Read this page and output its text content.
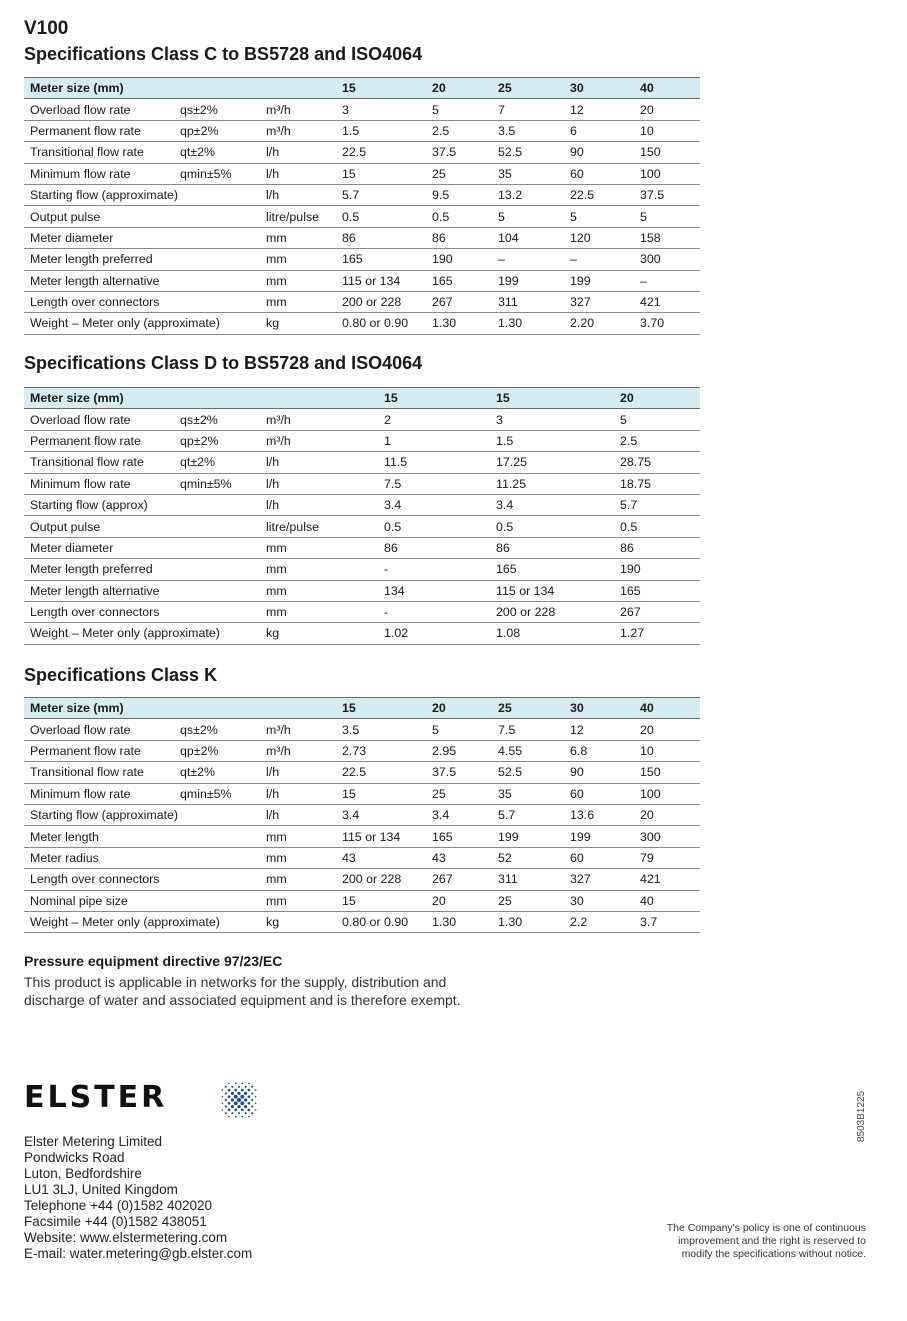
V100
Specifications Class C to BS5728 and ISO4064
Meter size (mm)			15	20	25	30	40
Overload flow rate	qs±2%	m³/h	3	5	7	12	20
Permanent flow rate	qp±2%	m³/h	1.5	2.5	3.5	6	10
Transitional flow rate	qt±2%	l/h	22.5	37.5	52.5	90	150
Minimum flow rate	qmin±5%	l/h	15	25	35	60	100
Starting flow (approximate)		l/h	5.7	9.5	13.2	22.5	37.5
Output pulse		litre/pulse	0.5	0.5	5	5	5
Meter diameter		mm	86	86	104	120	158
Meter length preferred		mm	165	190	–	–	300
Meter length alternative		mm	115 or 134	165	199	199	–
Length over connectors		mm	200 or 228	267	311	327	421
Weight – Meter only (approximate)		kg	0.80 or 0.90	1.30	1.30	2.20	3.70
Specifications Class D to BS5728 and ISO4064
Meter size (mm)			15	15	20
Overload flow rate	qs±2%	m³/h	2	3	5
Permanent flow rate	qp±2%	m³/h	1	1.5	2.5
Transitional flow rate	qt±2%	l/h	11.5	17.25	28.75
Minimum flow rate	qmin±5%	l/h	7.5	11.25	18.75
Starting flow (approx)		l/h	3.4	3.4	5.7
Output pulse		litre/pulse	0.5	0.5	0.5
Meter diameter		mm	86	86	86
Meter length preferred		mm	-	165	190
Meter length alternative		mm	134	115 or 134	165
Length over connectors		mm	-	200 or 228	267
Weight – Meter only (approximate)		kg	1.02	1.08	1.27
Specifications Class K
Meter size (mm)			15	20	25	30	40
Overload flow rate	qs±2%	m³/h	3.5	5	7.5	12	20
Permanent flow rate	qp±2%	m³/h	2.73	2.95	4.55	6.8	10
Transitional flow rate	qt±2%	l/h	22.5	37.5	52.5	90	150
Minimum flow rate	qmin±5%	l/h	15	25	35	60	100
Starting flow (approximate)		l/h	3.4	3.4	5.7	13.6	20
Meter length		mm	115 or 134	165	199	199	300
Meter radius		mm	43	43	52	60	79
Length over connectors		mm	200 or 228	267	311	327	421
Nominal pipe size		mm	15	20	25	30	40
Weight – Meter only (approximate)		kg	0.80 or 0.90	1.30	1.30	2.2	3.7
Pressure equipment directive 97/23/EC
This product is applicable in networks for the supply, distribution and
discharge of water and associated equipment and is therefore exempt.
ELSTER
Elster Metering Limited
Pondwicks Road
Luton, Bedfordshire
LU1 3LJ, United Kingdom
Telephone +44 (0)1582 402020
Facsimile +44 (0)1582 438051
Website: www.elstermetering.com
E-mail: water.metering@gb.elster.com
8503B1225
The Company's policy is one of continuous
improvement and the right is reserved to
modify the specifications without notice.
